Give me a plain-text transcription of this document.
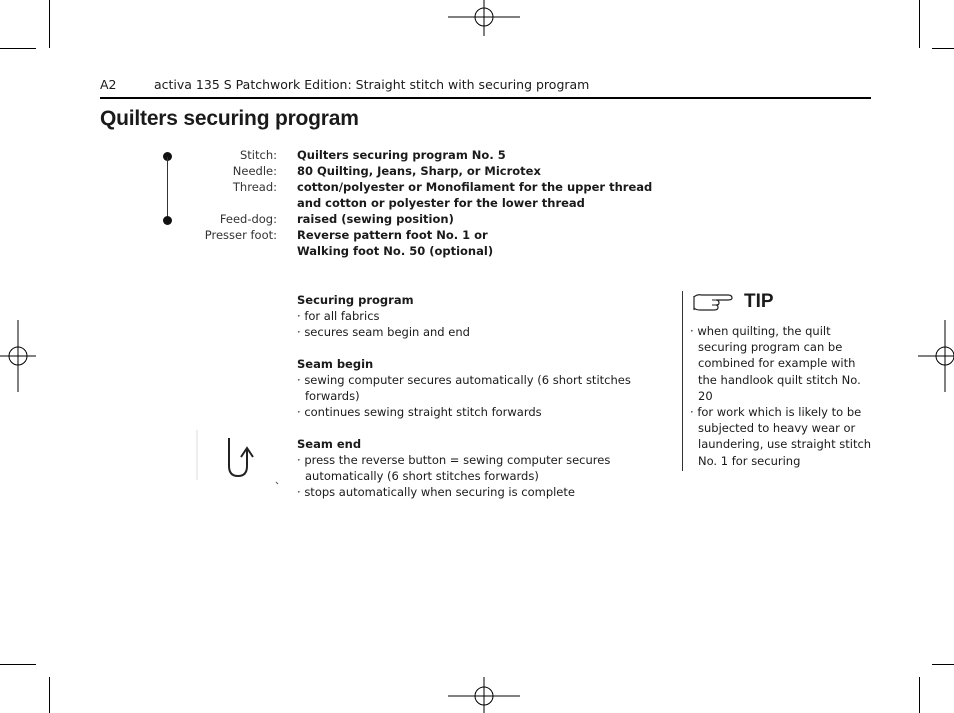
A2	activa 135 S Patchwork Edition: Straight stitch with securing program
Quilters securing program
Stitch: Quilters securing program No. 5
Needle: 80 Quilting, Jeans, Sharp, or Microtex
Thread: cotton/polyester or Monofilament for the upper thread
and cotton or polyester for the lower thread
Feed-dog: raised (sewing position)
Presser foot: Reverse pattern foot No. 1 or
Walking foot No. 50 (optional)
Securing program
· for all fabrics
· secures seam begin and end
Seam begin
· sewing computer secures automatically (6 short stitches forwards)
· continues sewing straight stitch forwards
Seam end
· press the reverse button = sewing computer secures automatically (6 short stitches forwards)
· stops automatically when securing is complete
TIP
· when quilting, the quilt securing program can be combined for example with the handlook quilt stitch No. 20
· for work which is likely to be subjected to heavy wear or laundering, use straight stitch No. 1 for securing
